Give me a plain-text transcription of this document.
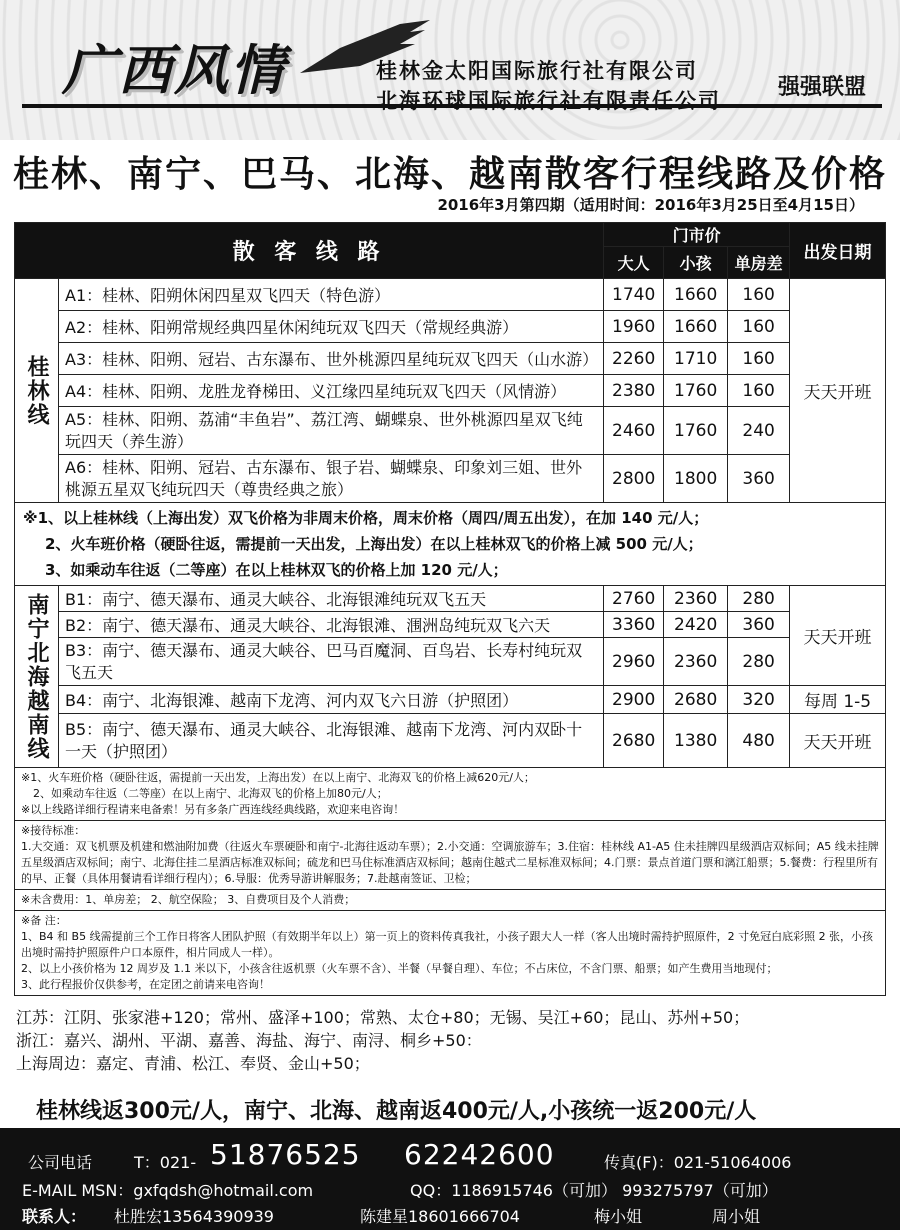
广西风情	桂林金太阳国际旅行社有限公司
北海环球国际旅行社有限责任公司
强强联盟
桂林、南宁、巴马、北海、越南散客行程线路及价格
2016年3月第四期（适用时间：2016年3月25日至4月15日）
散 客 线 路		门市价			出发日期
		大人	小孩	单房差	
桂林线	A1：桂林、阳朔休闲四星双飞四天（特色游）	1740	1660	160	天天开班
	A2：桂林、阳朔常规经典四星休闲纯玩双飞四天（常规经典游）	1960	1660	160	
	A3：桂林、阳朔、冠岩、古东瀑布、世外桃源四星纯玩双飞四天（山水游）	2260	1710	160	
	A4：桂林、阳朔、龙胜龙脊梯田、义江缘四星纯玩双飞四天（风情游）	2380	1760	160	
	A5：桂林、阳朔、荔浦“丰鱼岩”、荔江湾、蝴蝶泉、世外桃源四星双飞纯玩四天（养生游）	2460	1760	240	
	A6：桂林、阳朔、冠岩、古东瀑布、银子岩、蝴蝶泉、印象刘三姐、世外桃源五星双飞纯玩四天（尊贵经典之旅）	2800	1800	360	

※1、以上桂林线（上海出发）双飞价格为非周末价格，周末价格（周四/周五出发），在加 140 元/人；
2、火车班价格（硬卧往返，需提前一天出发，上海出发）在以上桂林双飞的价格上减 500 元/人；
3、如乘动车往返（二等座）在以上桂林双飞的价格上加 120 元/人；					

南宁北海越南线	B1：南宁、德天瀑布、通灵大峡谷、北海银滩纯玩双飞五天	2760	2360	280	天天开班
	B2：南宁、德天瀑布、通灵大峡谷、北海银滩、涠洲岛纯玩双飞六天	3360	2420	360	
	B3：南宁、德天瀑布、通灵大峡谷、巴马百魔洞、百鸟岩、长寿村纯玩双飞五天	2960	2360	280	
	B4：南宁、北海银滩、越南下龙湾、河内双飞六日游（护照团）	2900	2680	320	每周 1-5
	B5：南宁、德天瀑布、通灵大峡谷、北海银滩、越南下龙湾、河内双卧十一天（护照团）	2680	1380	480	天天开班

※1、火车班价格（硬卧往返，需提前一天出发，上海出发）在以上南宁、北海双飞的价格上减620元/人；
2、如乘动车往返（二等座）在以上南宁、北海双飞的价格上加80元/人；
※以上线路详细行程请来电备索！另有多条广西连线经典线路，欢迎来电咨询！					

※接待标准：
1.大交通：双飞机票及机建和燃油附加费（往返火车票硬卧和南宁-北海往返动车票）；2.小交通：空调旅游车；3.住宿：桂林线 A1-A5 住未挂牌四星级酒店双标间；A5 线未挂牌五星级酒店双标间；南宁、北海住挂二星酒店标准双标间；硫龙和巴马住标准酒店双标间；越南住越式二星标准双标间；4.门票：景点首道门票和漓江船票；5.餐费：行程里所有的早、正餐（具体用餐请看详细行程内）；6.导服：优秀导游讲解服务；7.赴越南签证、卫检；					

※未含费用：1、单房差； 2、航空保险； 3、自费项目及个人消费；					

※备 注：
1、B4 和 B5 线需提前三个工作日将客人团队护照（有效期半年以上）第一页上的资料传真我社，小孩子跟大人一样（客人出境时需持护照原件，2 寸免冠白底彩照 2 张，小孩出境时需持护照原件户口本原件，相片同成人一样）。
2、以上小孩价格为 12 周岁及 1.1 米以下，小孩含往返机票（火车票不含）、半餐（早餐自理）、车位；不占床位，不含门票、船票；如产生费用当地现付；
3、此行程报价仅供参考，在定团之前请来电咨询！					
江苏：江阴、张家港+120；常州、盛泽+100；常熟、太仓+80；无锡、吴江+60；昆山、苏州+50；
浙江：嘉兴、湖州、平湖、嘉善、海盐、海宁、南浔、桐乡+50：
上海周边：嘉定、青浦、松江、奉贤、金山+50；
桂林线返300元/人，南宁、北海、越南返400元/人,小孩统一返200元/人
公司电话	T：021- 51876525 62242600	传真(F)：021-51064006
E-MAIL MSN：gxfqdsh@hotmail.com	QQ：1186915746（可加） 993275797（可加）
联系人： 杜胜宏13564390939	陈建星18601666704	梅小姐	周小姐
